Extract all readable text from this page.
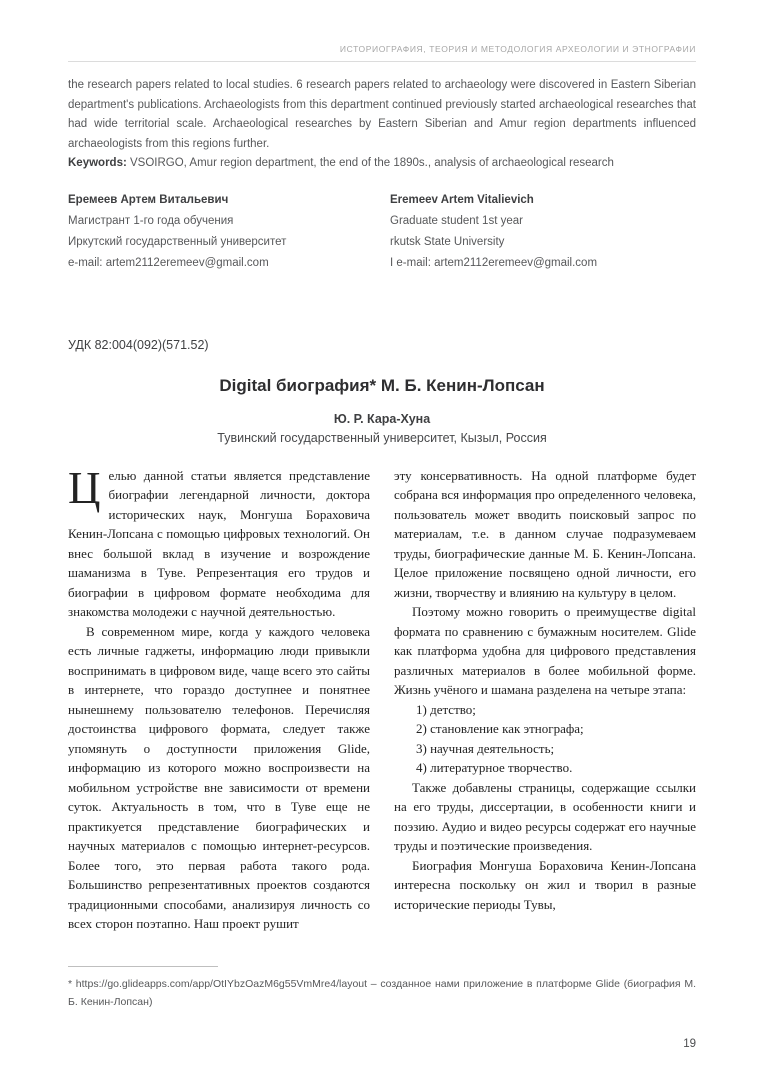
ИСТОРИОГРАФИЯ, ТЕОРИЯ И МЕТОДОЛОГИЯ АРХЕОЛОГИИ И ЭТНОГРАФИИ
the research papers related to local studies. 6 research papers related to archaeology were discovered in Eastern Siberian department's publications. Archaeologists from this department continued previously started archaeological researches that had wide territorial scale. Archaeological researches by Eastern Siberian and Amur region departments influenced archaeologists from this regions further.
Keywords: VSOIRGO, Amur region department, the end of the 1890s., analysis of archaeological research
Еремеев Артем Витальевич
Магистрант 1-го года обучения
Иркутский государственный университет
e-mail: artem2112eremeev@gmail.com
Eremeev Artem Vitalievich
Graduate student 1st year
rkutsk State University
I e-mail: artem2112eremeev@gmail.com
УДК 82:004(092)(571.52)
Digital биография* М. Б. Кенин-Лопсан
Ю. Р. Кара-Хуна
Тувинский государственный университет, Кызыл, Россия

Целью данной статьи является представление биографии легендарной личности, доктора исторических наук, Монгуша Бораховича Кенин-Лопсана с помощью цифровых технологий. Он внес большой вклад в изучение и возрождение шаманизма в Туве. Репрезентация его трудов и биографии в цифровом формате необходима для знакомства молодежи с научной деятельностью.

В современном мире, когда у каждого человека есть личные гаджеты, информацию люди привыкли воспринимать в цифровом виде, чаще всего это сайты в интернете, что гораздо доступнее и понятнее нынешнему пользователю телефонов. Перечисляя достоинства цифрового формата, следует также упомянуть о доступности приложения Glide, информацию из которого можно воспроизвести на мобильном устройстве вне зависимости от времени суток. Актуальность в том, что в Туве еще не практикуется представление биографических и научных материалов с помощью интернет-ресурсов. Более того, это первая работа такого рода. Большинство репрезентативных проектов создаются традиционными способами, анализируя личность со всех сторон поэтапно. Наш проект рушит

эту консервативность. На одной платформе будет собрана вся информация про определенного человека, пользователь может вводить поисковый запрос по материалам, т.е. в данном случае подразумеваем труды, биографические данные М. Б. Кенин-Лопсана. Целое приложение посвящено одной личности, его жизни, творчеству и влиянию на культуру в целом.

Поэтому можно говорить о преимуществе digital формата по сравнению с бумажным носителем. Glide как платформа удобна для цифрового представления различных материалов в более мобильной форме. Жизнь учёного и шамана разделена на четыре этапа:

1) детство;
2) становление как этнографа;
3) научная деятельность;
4) литературное творчество.

Также добавлены страницы, содержащие ссылки на его труды, диссертации, в особенности книги и поэзию. Аудио и видео ресурсы содержат его научные труды и поэтические произведения.

Биография Монгуша Бораховича Кенин-Лопсана интересна поскольку он жил и творил в разные исторические периоды Тувы,

* https://go.glideapps.com/app/OtIYbzOazM6g55VmMre4/layout – созданное нами приложение в платформе Glide (биография М. Б. Кенин-Лопсан)
19
